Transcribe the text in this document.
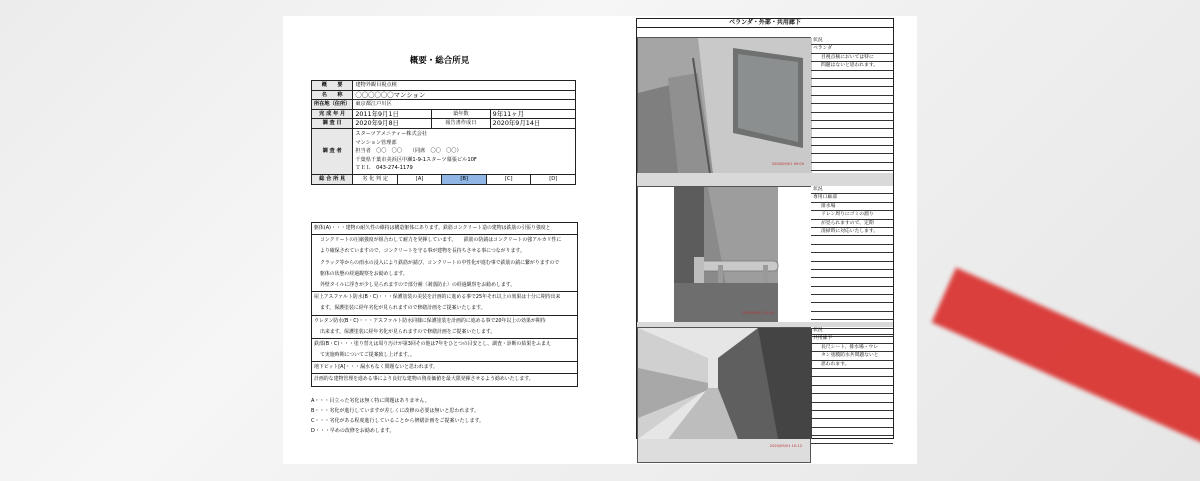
概要・総合所見
概　　要	建物外観目視点検		
名　　称	〇〇〇〇〇〇マンション		
所在地（住所）	東京都江戸川区		
完 成 年 月	2011年9月1日	築年数	9年11ヶ月
調 査 日	2020年9月8日	報告書作成日	2020年9月14日
調 査 者	スターツアメニティー株式会社
マンション管理部
担当者　〇〇　〇〇　　（同席　〇〇　〇〇）
千葉県千葉市美浜区中瀬1-9-1スターツ幕張ビル10F
ＴＥＬ　043-274-1179		

総 合 所 見	劣 化 判 定 [A] [B] [C] [D]		
躯体(A)・・・建物の耐久性の維持は構造躯体にあります。鉄筋コンクリート造の建物は鉄筋の引張り強度と
コンクリートの圧縮強度が組合わして耐力を発揮しています。　　鉄筋の防錆はコンクリートの強アルカリ性に
より確保されていますので、コンクリートを守る事が建物を長持ちさせる事につながります。
クラック等からの雨水の浸入により鉄筋が錆び、コンクリートの中性化が進む事で鉄筋の錆に繋がりますので
躯体の状態の経過観察をお勧めします。
外壁タイルに浮きが少し見られますので部分補（剥落防止）の経過観察をお勧めします。
屋上アスファルト防水(B・C)・・・保護塗装の美装を計画的に進める事で25年それ以上の効果は十分に期待出来
ます。保護塗装に経年劣化が見られますので修繕計画をご提案いたします。
ウレタン防水(B・C)・・・アスファルト防水同様に保護塗装を計画的に進める事で20年以上の効果が期待
出来ます。保護塗装に経年劣化が見られますので修繕計画をご提案いたします。
鉄部(B・C)・・・塗り替えは周り汚けが第3回その他は7年をひとつの目安とし、調査・診断の結果をふまえ
て実施時期についてご提案致し上げます。。
地下ピット[A]・・・漏水もなく問題ないと思われます。
計画的な建物管理を進める事により良好な建物の資産価値を最大限発揮させるよう勧めいたします。
A・・・目立った劣化は無く特に問題はありません。
B・・・劣化が進行していますが差しくに改修の必要は無いと思われます。
C・・・劣化がある程度進行していることから修繕計画をご提案いたします。
D・・・早めの改修をお勧めします。
ベランダ・外部・共用廊下
2020/09/01 09:09
状況
ベランダ
目視点検においては特に
問題はないと思われます。
2020/09/01 10:00
状況
専用口廊部
排水場
ドレン周りにゴミの溜り
が見られますので、定期
清掃時に対応いたします。
2020/09/01 10:12
状況
共用廊下
長尺シート、排水場・ウレ
タン塗膜防水共問題ないと
思われます。
